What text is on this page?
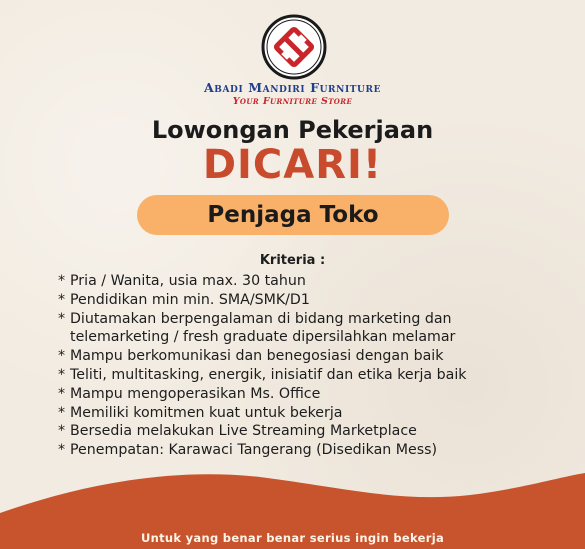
Abadi Mandiri Furniture
Your Furniture Store
Lowongan Pekerjaan
DICARI!
Penjaga Toko
Kriteria :
* Pria / Wanita, usia max. 30 tahun
* Pendidikan min min. SMA/SMK/D1
* Diutamakan berpengalaman di bidang marketing dan
telemarketing / fresh graduate dipersilahkan melamar
* Mampu berkomunikasi dan benegosiasi dengan baik
* Teliti, multitasking, energik, inisiatif dan etika kerja baik
* Mampu mengoperasikan Ms. Office
* Memiliki komitmen kuat untuk bekerja
* Bersedia melakukan Live Streaming Marketplace
* Penempatan: Karawaci Tangerang (Disedikan Mess)
Untuk yang benar benar serius ingin bekerja
